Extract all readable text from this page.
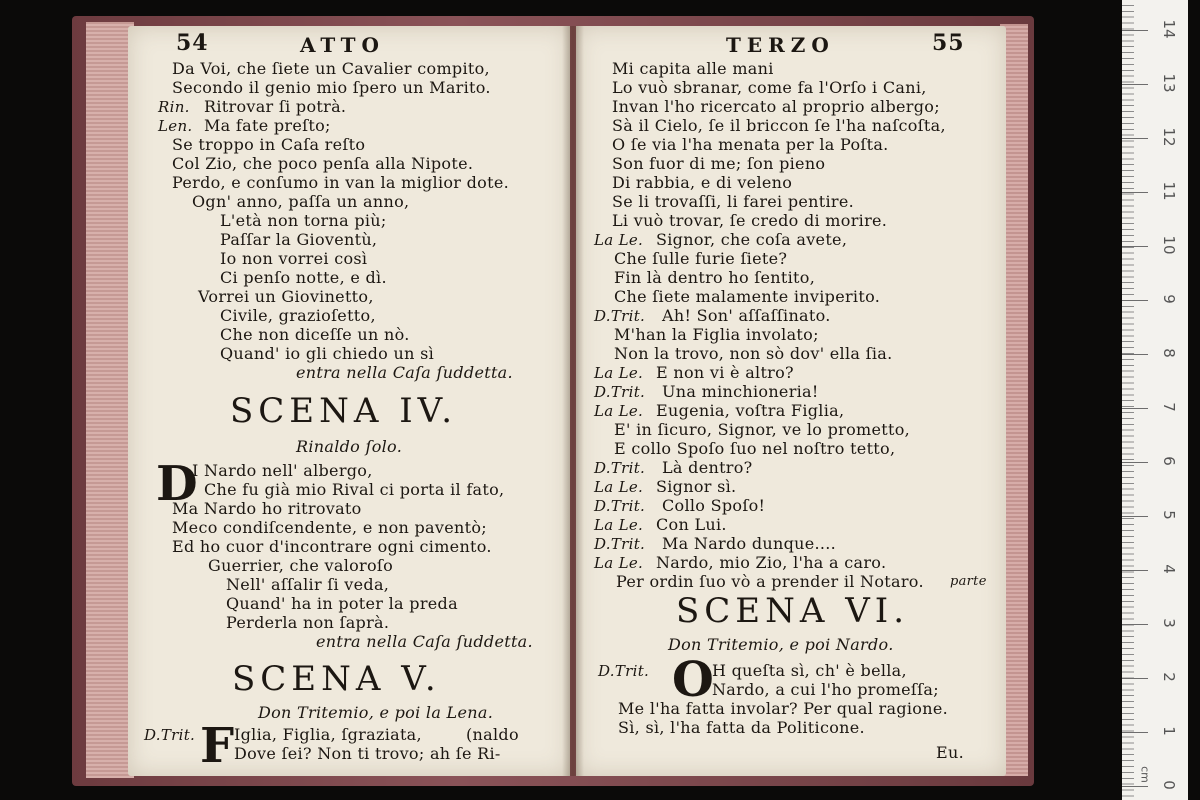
54	ATTO
Da Voi, che ſiete un Cavalier compito,
Secondo il genio mio ſpero un Marito.
Rin. Ritrovar ſi potrà.
Len. Ma fate preſto;
Se troppo in Caſa reſto
Col Zio, che poco penſa alla Nipote.
Perdo, e conſumo in van la miglior dote.
Ogn' anno, paſſa un anno,
L'età non torna più;
Paſſar la Gioventù,
Io non vorrei così
Ci penſo notte, e dì.
Vorrei un Giovinetto,
Civile, grazioſetto,
Che non diceſſe un nò.
Quand' io gli chiedo un sì
entra nella Caſa ſuddetta.
SCENA IV.
Rinaldo ſolo.
D
I Nardo nell' albergo,
Che fu già mio Rival ci porta il fato,
Ma Nardo ho ritrovato
Meco condiſcendente, e non paventò;
Ed ho cuor d'incontrare ogni cimento.
Guerrier, che valoroſo
Nell' aſſalir ſi veda,
Quand' ha in poter la preda
Perderla non ſaprà.
entra nella Caſa ſuddetta.
SCENA V.
Don Tritemio, e poi la Lena.
D.Trit. F Iglia, Figlia, ſgraziata,	(naldo
Dove ſei? Non ti trovo; ah ſe Ri-
TERZO	55
Mi capita alle mani
Lo vuò sbranar, come fa l'Orſo i Cani,
Invan l'ho ricercato al proprio albergo;
Sà il Cielo, ſe il briccon ſe l'ha naſcoſta,
O ſe via l'ha menata per la Poſta.
Son fuor di me; ſon pieno
Di rabbia, e di veleno
Se li trovaſſi, li farei pentire.
Li vuò trovar, ſe credo di morire.
La Le. Signor, che coſa avete,
Che ſulle furie ſiete?
Fin là dentro ho ſentito,
Che ſiete malamente inviperito.
D.Trit. Ah! Son' aſſaſſinato.
M'han la Figlia involato;
Non la trovo, non sò dov' ella ſia.
La Le. E non vi è altro?
D.Trit. Una minchioneria!
La Le. Eugenia, voſtra Figlia,
E' in ſicuro, Signor, ve lo prometto,
E collo Spoſo ſuo nel noſtro tetto,
D.Trit. Là dentro?
La Le. Signor sì.
D.Trit. Collo Spoſo!
La Le. Con Lui.
D.Trit. Ma Nardo dunque....
La Le. Nardo, mio Zio, l'ha a caro.
Per ordin ſuo vò a prender il Notaro. parte
SCENA VI.
Don Tritemio, e poi Nardo.
D.Trit. O
H queſta sì, ch' è bella,
Nardo, a cui l'ho promeſſa;
Me l'ha fatta involar? Per qual ragione.
Sì, sì, l'ha fatta da Politicone.
Eu.
0
1
2
3
4
5
6
7
8
9
10
11
12
13
14
cm
